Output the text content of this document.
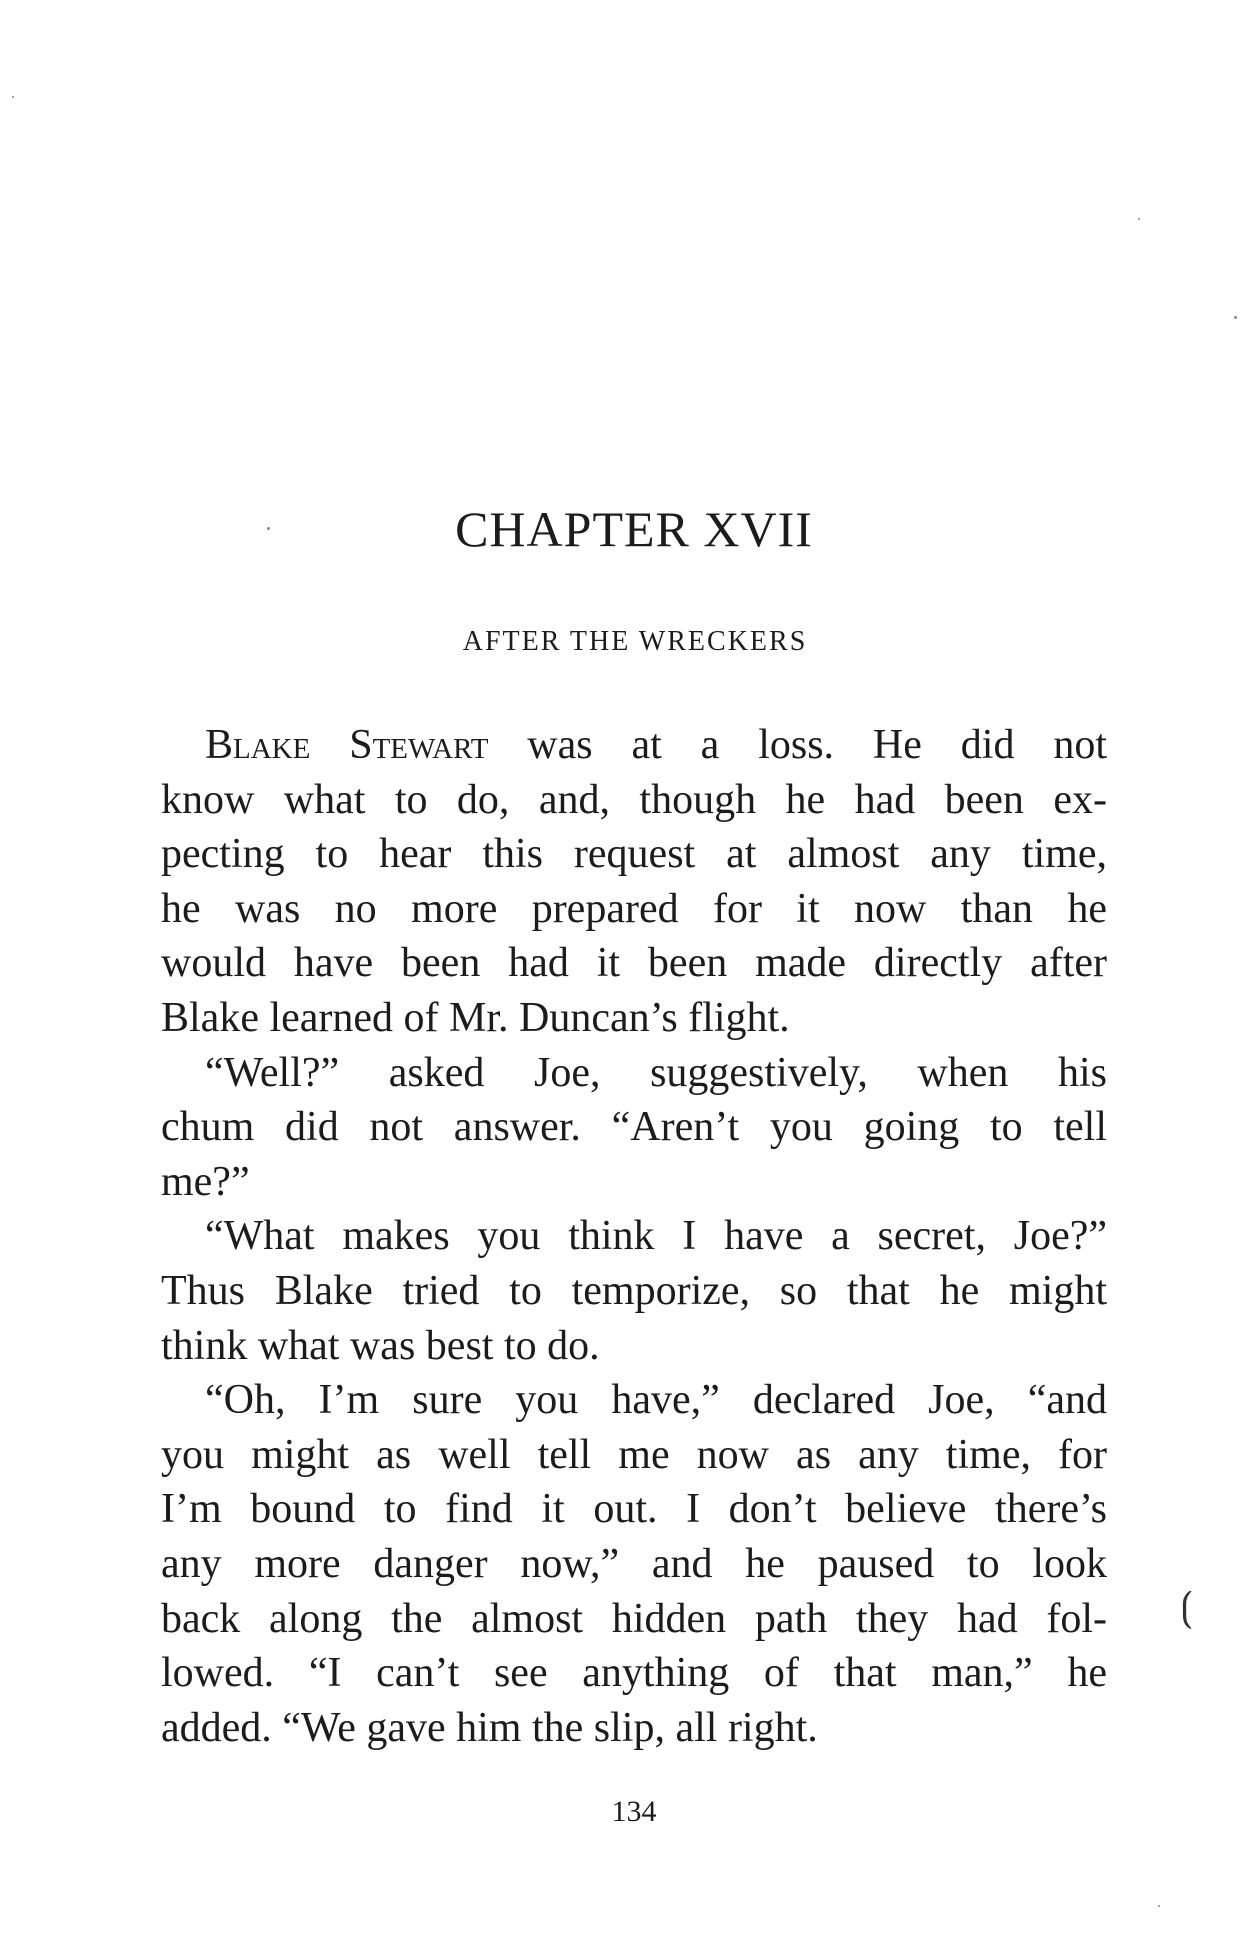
CHAPTER XVII
AFTER THE WRECKERS
Blake Stewart was at a loss. He did not
know what to do, and, though he had been ex-
pecting to hear this request at almost any time,
he was no more prepared for it now than he
would have been had it been made directly after
Blake learned of Mr. Duncan’s flight.
“Well?” asked Joe, suggestively, when his
chum did not answer. “Aren’t you going to tell
me?”
“What makes you think I have a secret, Joe?”
Thus Blake tried to temporize, so that he might
think what was best to do.
“Oh, I’m sure you have,” declared Joe, “and
you might as well tell me now as any time, for
I’m bound to find it out. I don’t believe there’s
any more danger now,” and he paused to look
back along the almost hidden path they had fol-
lowed. “I can’t see anything of that man,” he
added. “We gave him the slip, all right.
134
⟮
